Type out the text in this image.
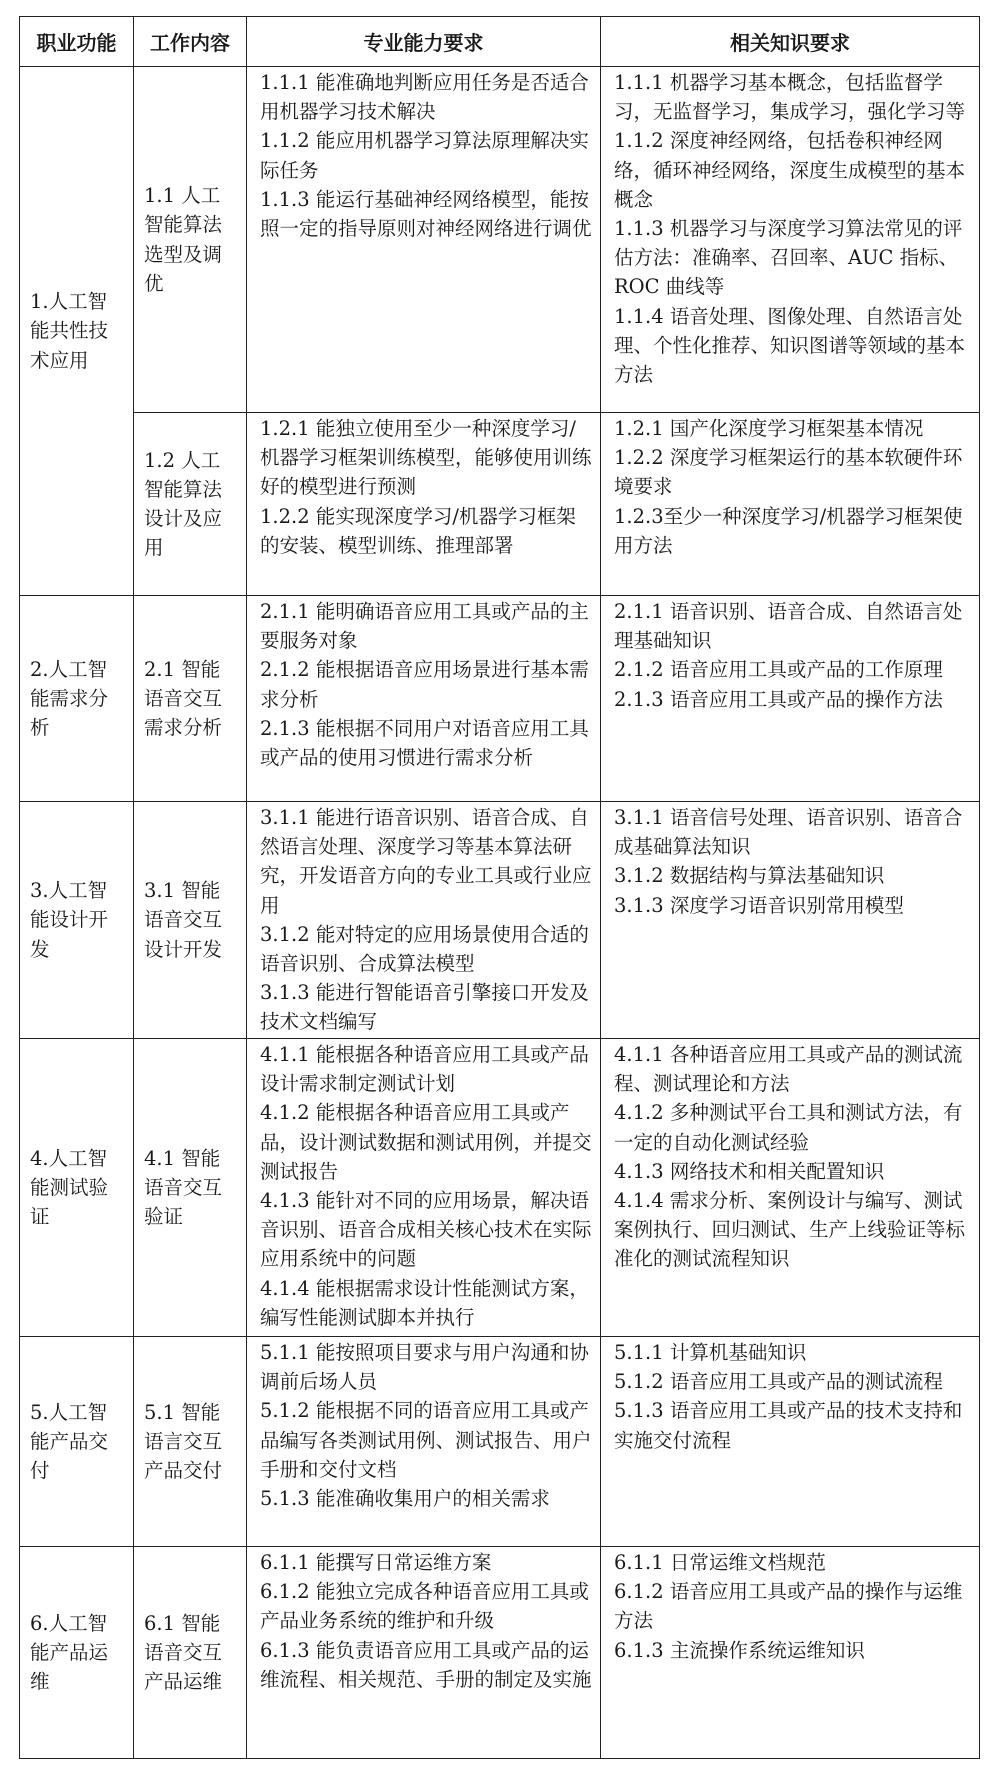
职业功能	工作内容	专业能力要求	相关知识要求
1.人工智能共性技术应用	1.1 人工智能算法选型及调优	1.1.1 能准确地判断应用任务是否适合用机器学习技术解决
1.1.2 能应用机器学习算法原理解决实际任务
1.1.3 能运行基础神经网络模型，能按照一定的指导原则对神经网络进行调优	1.1.1 机器学习基本概念，包括监督学习，无监督学习，集成学习，强化学习等
1.1.2 深度神经网络，包括卷积神经网络，循环神经网络，深度生成模型的基本概念
1.1.3 机器学习与深度学习算法常见的评估方法：准确率、召回率、AUC 指标、ROC 曲线等
1.1.4 语音处理、图像处理、自然语言处理、个性化推荐、知识图谱等领域的基本方法

	1.2 人工智能算法设计及应用	1.2.1 能独立使用至少一种深度学习/机器学习框架训练模型，能够使用训练好的模型进行预测
1.2.2 能实现深度学习/机器学习框架的安装、模型训练、推理部署	1.2.1 国产化深度学习框架基本情况
1.2.2 深度学习框架运行的基本软硬件环境要求
1.2.3至少一种深度学习/机器学习框架使用方法

2.人工智能需求分析	2.1 智能语音交互需求分析	2.1.1 能明确语音应用工具或产品的主要服务对象
2.1.2 能根据语音应用场景进行基本需求分析
2.1.3 能根据不同用户对语音应用工具或产品的使用习惯进行需求分析	2.1.1 语音识别、语音合成、自然语言处理基础知识
2.1.2 语音应用工具或产品的工作原理
2.1.3 语音应用工具或产品的操作方法

3.人工智能设计开发	3.1 智能语音交互设计开发	3.1.1 能进行语音识别、语音合成、自然语言处理、深度学习等基本算法研究，开发语音方向的专业工具或行业应用
3.1.2 能对特定的应用场景使用合适的语音识别、合成算法模型
3.1.3 能进行智能语音引擎接口开发及技术文档编写	3.1.1 语音信号处理、语音识别、语音合成基础算法知识
3.1.2 数据结构与算法基础知识
3.1.3 深度学习语音识别常用模型

4.人工智能测试验证	4.1 智能语音交互验证	4.1.1 能根据各种语音应用工具或产品设计需求制定测试计划
4.1.2 能根据各种语音应用工具或产品，设计测试数据和测试用例，并提交测试报告
4.1.3 能针对不同的应用场景，解决语音识别、语音合成相关核心技术在实际应用系统中的问题
4.1.4 能根据需求设计性能测试方案，编写性能测试脚本并执行	4.1.1 各种语音应用工具或产品的测试流程、测试理论和方法
4.1.2 多种测试平台工具和测试方法，有一定的自动化测试经验
4.1.3 网络技术和相关配置知识
4.1.4 需求分析、案例设计与编写、测试案例执行、回归测试、生产上线验证等标准化的测试流程知识

5.人工智能产品交付	5.1 智能语言交互产品交付	5.1.1 能按照项目要求与用户沟通和协调前后场人员
5.1.2 能根据不同的语音应用工具或产品编写各类测试用例、测试报告、用户手册和交付文档
5.1.3 能准确收集用户的相关需求	5.1.1 计算机基础知识
5.1.2 语音应用工具或产品的测试流程
5.1.3 语音应用工具或产品的技术支持和实施交付流程

6.人工智能产品运维	6.1 智能语音交互产品运维	6.1.1 能撰写日常运维方案
6.1.2 能独立完成各种语音应用工具或产品业务系统的维护和升级
6.1.3 能负责语音应用工具或产品的运维流程、相关规范、手册的制定及实施	6.1.1 日常运维文档规范
6.1.2 语音应用工具或产品的操作与运维方法
6.1.3 主流操作系统运维知识
